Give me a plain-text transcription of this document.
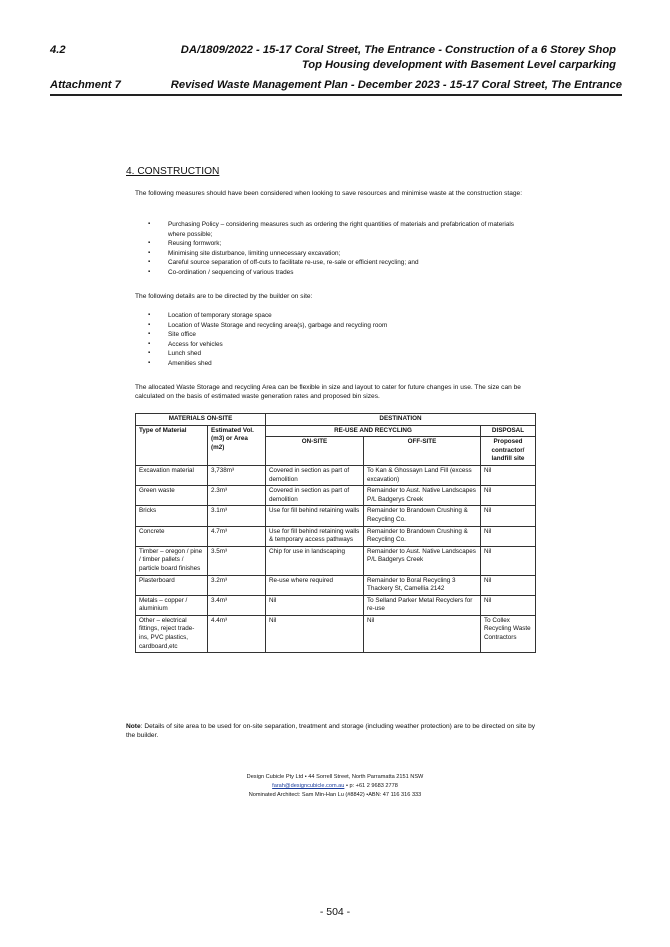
4.2	DA/1809/2022 - 15-17 Coral Street, The Entrance - Construction of a 6 Storey Shop
Top Housing development with Basement Level carparking
Attachment 7	Revised Waste Management Plan - December 2023 - 15-17 Coral Street, The Entrance
4. CONSTRUCTION
The following measures should have been considered when looking to save resources and minimise waste at the construction stage:
▪ Purchasing Policy – considering measures such as ordering the right quantities of materials and prefabrication of materials where possible;
▪ Reusing formwork;
▪ Minimising site disturbance, limiting unnecessary excavation;
▪ Careful source separation of off-cuts to facilitate re-use, re-sale or efficient recycling; and
▪ Co-ordination / sequencing of various trades
The following details are to be directed by the builder on site:
▪ Location of temporary storage space
▪ Location of Waste Storage and recycling area(s), garbage and recycling room
▪ Site office
▪ Access for vehicles
▪ Lunch shed
▪ Amenities shed
The allocated Waste Storage and recycling Area can be flexible in size and layout to cater for future changes in use. The size can be calculated on the basis of estimated waste generation rates and proposed bin sizes.
MATERIALS ON-SITE		DESTINATION		
Type of Material	Estimated Vol. (m3) or Area (m2)	RE-USE AND RECYCLING		DISPOSAL
		ON-SITE	OFF-SITE	Proposed contractor/ landfill site
Excavation material	3,738m³	Covered in section as part of demolition	To Kan & Ghossayn Land Fill (excess excavation)	Nil
Green waste	2.3m³	Covered in section as part of demolition	Remainder to Aust. Native Landscapes P/L Badgerys Creek	Nil
Bricks	3.1m³	Use for fill behind retaining walls	Remainder to Brandown Crushing & Recycling Co.	Nil
Concrete	4.7m³	Use for fill behind retaining walls & temporary access pathways	Remainder to Brandown Crushing & Recycling Co.	Nil
Timber – oregon / pine / timber pallets / particle board finishes	3.5m³	Chip for use in landscaping	Remainder to Aust. Native Landscapes P/L Badgerys Creek	Nil
Plasterboard	3.2m³	Re-use where required	Remainder to Boral Recycling 3 Thackery St, Camellia 2142	Nil
Metals – copper / aluminium	3.4m³	Nil	To Selland Parker Metal Recyclers for re-use	Nil
Other – electrical fittings, reject trade-ins, PVC plastics, cardboard,etc	4.4m³	Nil	Nil	To Collex Recycling Waste Contractors
Note: Details of site area to be used for on-site separation, treatment and storage (including weather protection) are to be directed on site by the builder.
Design Cubicle Pty Ltd • 44 Sorrell Street, North Parramatta 2151 NSW
farah@designcubicle.com.au • p: +61 2 9683 2778
Nominated Architect: Sam Min-Han Lu (#8842) •ABN: 47 116 316 333
- 504 -
